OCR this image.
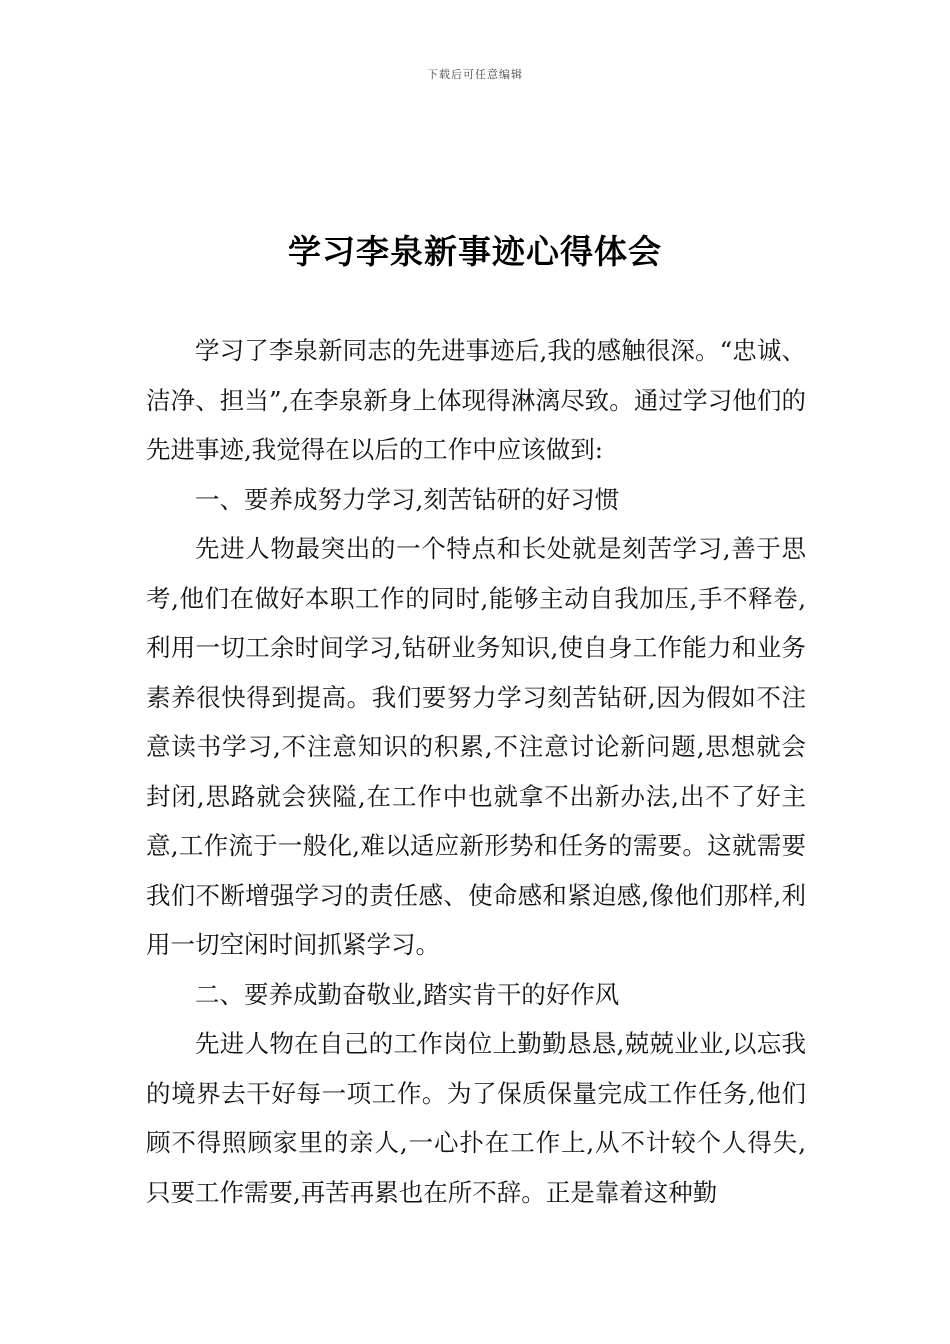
下载后可任意编辑
学习李泉新事迹心得体会

学习了李泉新同志的先进事迹后,我的感触很深。“忠诚、洁净、担当”,在李泉新身上体现得淋漓尽致。通过学习他们的先进事迹,我觉得在以后的工作中应该做到:

一、要养成努力学习,刻苦钻研的好习惯

先进人物最突出的一个特点和长处就是刻苦学习,善于思考,他们在做好本职工作的同时,能够主动自我加压,手不释卷,利用一切工余时间学习,钻研业务知识,使自身工作能力和业务素养很快得到提高。我们要努力学习刻苦钻研,因为假如不注意读书学习,不注意知识的积累,不注意讨论新问题,思想就会封闭,思路就会狭隘,在工作中也就拿不出新办法,出不了好主意,工作流于一般化,难以适应新形势和任务的需要。这就需要我们不断增强学习的责任感、使命感和紧迫感,像他们那样,利用一切空闲时间抓紧学习。

二、要养成勤奋敬业,踏实肯干的好作风

先进人物在自己的工作岗位上勤勤恳恳,兢兢业业,以忘我的境界去干好每一项工作。为了保质保量完成工作任务,他们顾不得照顾家里的亲人,一心扑在工作上,从不计较个人得失,只要工作需要,再苦再累也在所不辞。正是靠着这种勤
